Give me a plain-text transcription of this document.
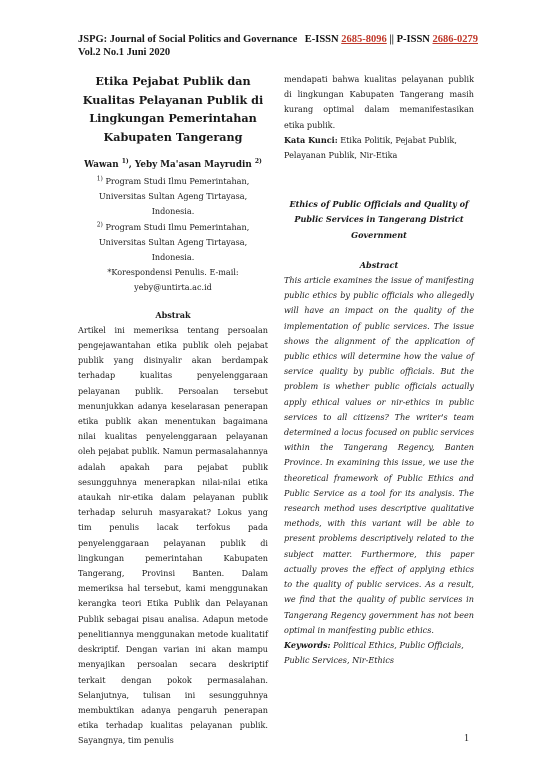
JSPG: Journal of Social Politics and Governance E-ISSN 2685-8096 || P-ISSN 2686-0279
Vol.2 No.1 Juni 2020

Etika Pejabat Publik dan Kualitas Pelayanan Publik di Lingkungan Pemerintahan Kabupaten Tangerang

Wawan $^{1)}$, Yeby Ma'asan Mayrudin $^{2)}$
$^{1)}$ Program Studi Ilmu Pemerintahan, Universitas Sultan Ageng Tirtayasa, Indonesia.
$^{2)}$ Program Studi Ilmu Pemerintahan, Universitas Sultan Ageng Tirtayasa, Indonesia.
*Korespondensi Penulis. E-mail: yeby@untirta.ac.id
Abstrak

Artikel ini memeriksa tentang persoalan pengejawantahan etika publik oleh pejabat publik yang disinyalir akan berdampak terhadap kualitas penyelenggaraan pelayanan publik. Persoalan tersebut menunjukkan adanya keselarasan penerapan etika publik akan menentukan bagaimana nilai kualitas penyelenggaraan pelayanan oleh pejabat publik. Namun permasalahannya adalah apakah para pejabat publik sesungguhnya menerapkan nilai-nilai etika ataukah nir-etika dalam pelayanan publik terhadap seluruh masyarakat? Lokus yang tim penulis lacak terfokus pada penyelenggaraan pelayanan publik di lingkungan pemerintahan Kabupaten Tangerang, Provinsi Banten. Dalam memeriksa hal tersebut, kami menggunakan kerangka teori Etika Publik dan Pelayanan Publik sebagai pisau analisa. Adapun metode penelitiannya menggunakan metode kualitatif deskriptif. Dengan varian ini akan mampu menyajikan persoalan secara deskriptif terkait dengan pokok permasalahan. Selanjutnya, tulisan ini sesungguhnya membuktikan adanya pengaruh penerapan etika terhadap kualitas pelayanan publik. Sayangnya, tim penulis

mendapati bahwa kualitas pelayanan publik di lingkungan Kabupaten Tangerang masih kurang optimal dalam memanifestasikan etika publik.

Kata Kunci: Etika Politik, Pejabat Publik, Pelayanan Publik, Nir-Etika

Ethics of Public Officials and Quality of Public Services in Tangerang District Government
Abstract

This article examines the issue of manifesting public ethics by public officials who allegedly will have an impact on the quality of the implementation of public services. The issue shows the alignment of the application of public ethics will determine how the value of service quality by public officials. But the problem is whether public officials actually apply ethical values or nir-ethics in public services to all citizens? The writer's team determined a locus focused on public services within the Tangerang Regency, Banten Province. In examining this issue, we use the theoretical framework of Public Ethics and Public Service as a tool for its analysis. The research method uses descriptive qualitative methods, with this variant will be able to present problems descriptively related to the subject matter. Furthermore, this paper actually proves the effect of applying ethics to the quality of public services. As a result, we find that the quality of public services in Tangerang Regency government has not been optimal in manifesting public ethics.

Keywords: Political Ethics, Public Officials, Public Services, Nir-Ethics

1
